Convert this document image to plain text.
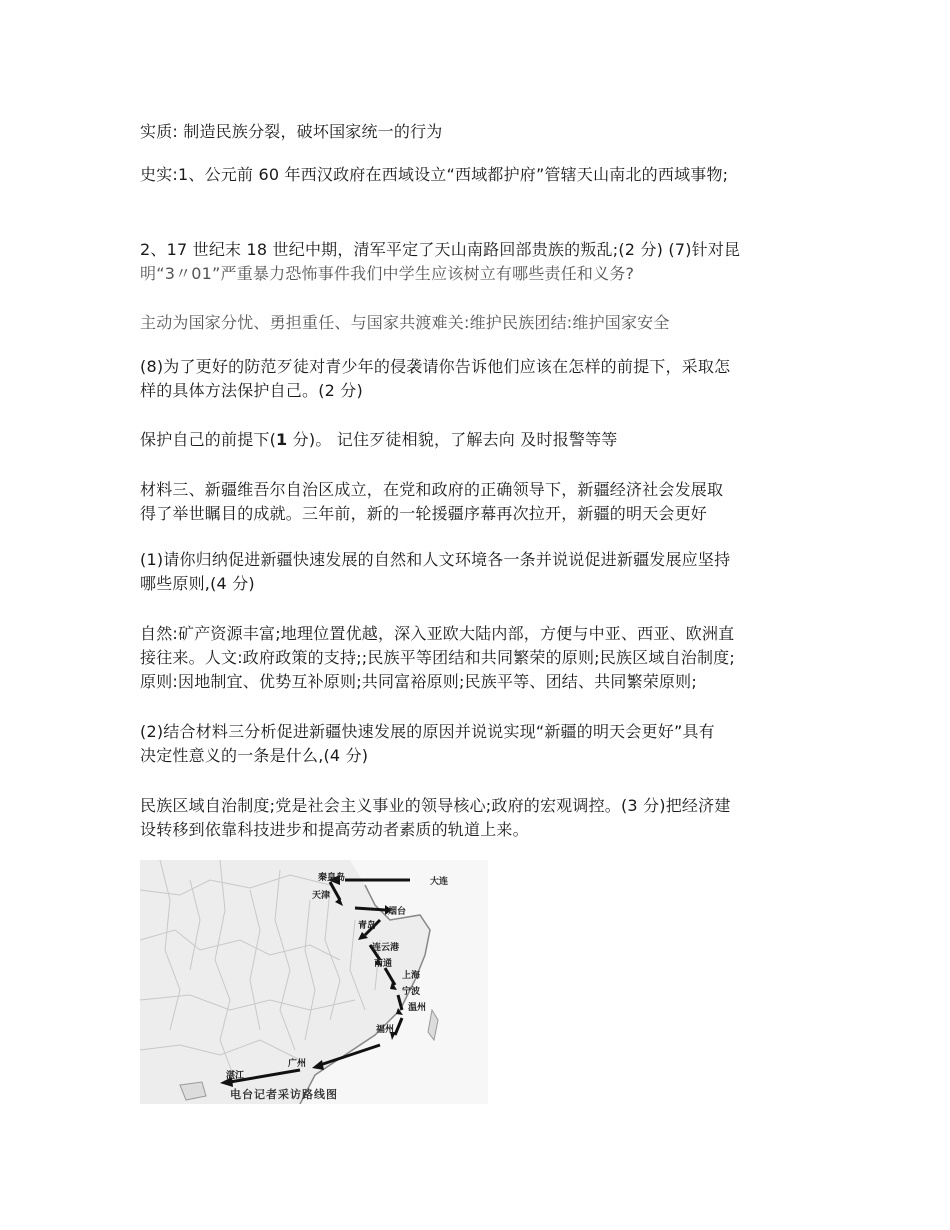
实质: 制造民族分裂，破坏国家统一的行为

史实:1、公元前 60 年西汉政府在西域设立“西域都护府”管辖天山南北的西域事物;

2、17 世纪末 18 世纪中期，清军平定了天山南路回部贵族的叛乱;(2 分) (7)针对昆
明“3〃01”严重暴力恐怖事件我们中学生应该树立有哪些责任和义务?

主动为国家分忧、勇担重任、与国家共渡难关:维护民族团结:维护国家安全

(8)为了更好的防范歹徒对青少年的侵袭请你告诉他们应该在怎样的前提下，采取怎
样的具体方法保护自己。(2 分)

保护自己的前提下(1 分)。 记住歹徒相貌，了解去向 及时报警等等

材料三、新疆维吾尔自治区成立，在党和政府的正确领导下，新疆经济社会发展取
得了举世瞩目的成就。三年前，新的一轮援疆序幕再次拉开，新疆的明天会更好

(1)请你归纳促进新疆快速发展的自然和人文环境各一条并说说促进新疆发展应坚持
哪些原则,(4 分)

自然:矿产资源丰富;地理位置优越，深入亚欧大陆内部，方便与中亚、西亚、欧洲直
接往来。人文:政府政策的支持;;民族平等团结和共同繁荣的原则;民族区域自治制度;
原则:因地制宜、优势互补原则;共同富裕原则;民族平等、团结、共同繁荣原则;

(2)结合材料三分析促进新疆快速发展的原因并说说实现“新疆的明天会更好”具有
决定性意义的一条是什么,(4 分)

民族区域自治制度;党是社会主义事业的领导核心;政府的宏观调控。(3 分)把经济建
设转移到依靠科技进步和提高劳动者素质的轨道上来。

秦皇岛	大连
天津
烟台
青岛
连云港
南通
上海
宁波
温州
福州
广州
湛江
电台记者采访路线图
